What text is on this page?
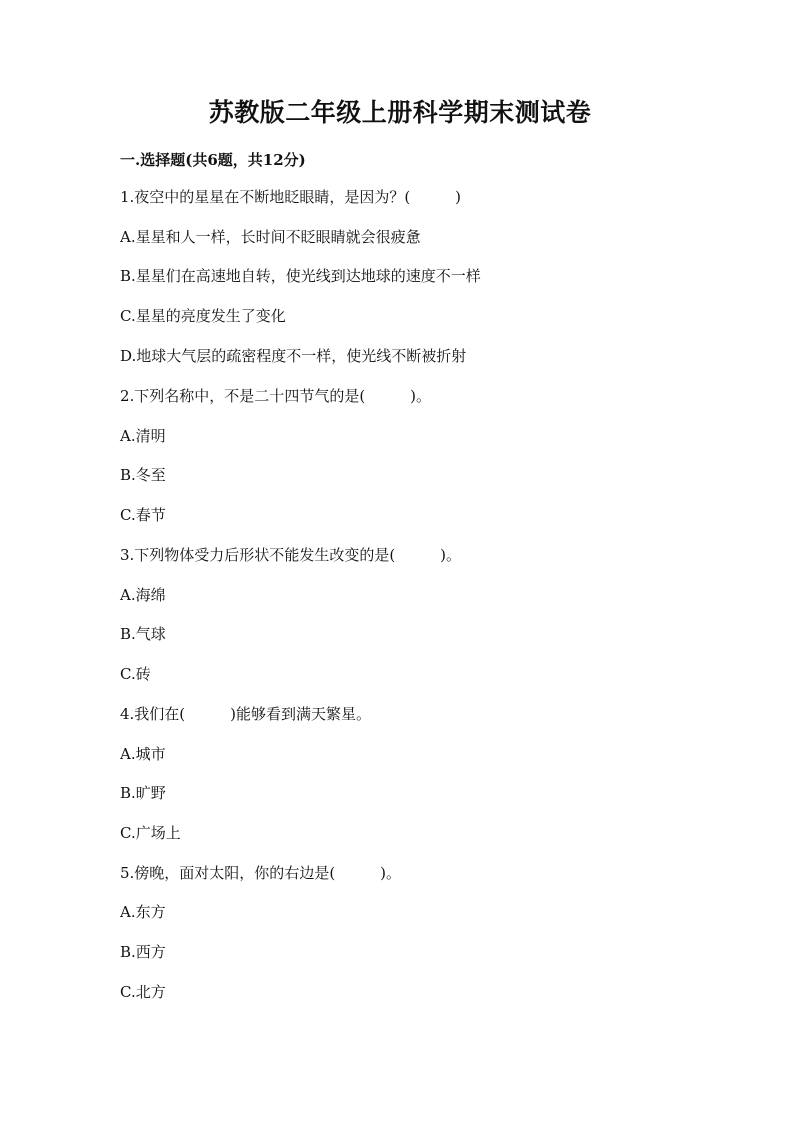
苏教版二年级上册科学期末测试卷
一.选择题(共6题，共12分)
1.夜空中的星星在不断地眨眼睛，是因为？(　　　)
A.星星和人一样，长时间不眨眼睛就会很疲惫
B.星星们在高速地自转，使光线到达地球的速度不一样
C.星星的亮度发生了变化
D.地球大气层的疏密程度不一样，使光线不断被折射
2.下列名称中，不是二十四节气的是(　　　)。
A.清明
B.冬至
C.春节
3.下列物体受力后形状不能发生改变的是(　　　)。
A.海绵
B.气球
C.砖
4.我们在(　　　)能够看到满天繁星。
A.城市
B.旷野
C.广场上
5.傍晚，面对太阳，你的右边是(　　　)。
A.东方
B.西方
C.北方
